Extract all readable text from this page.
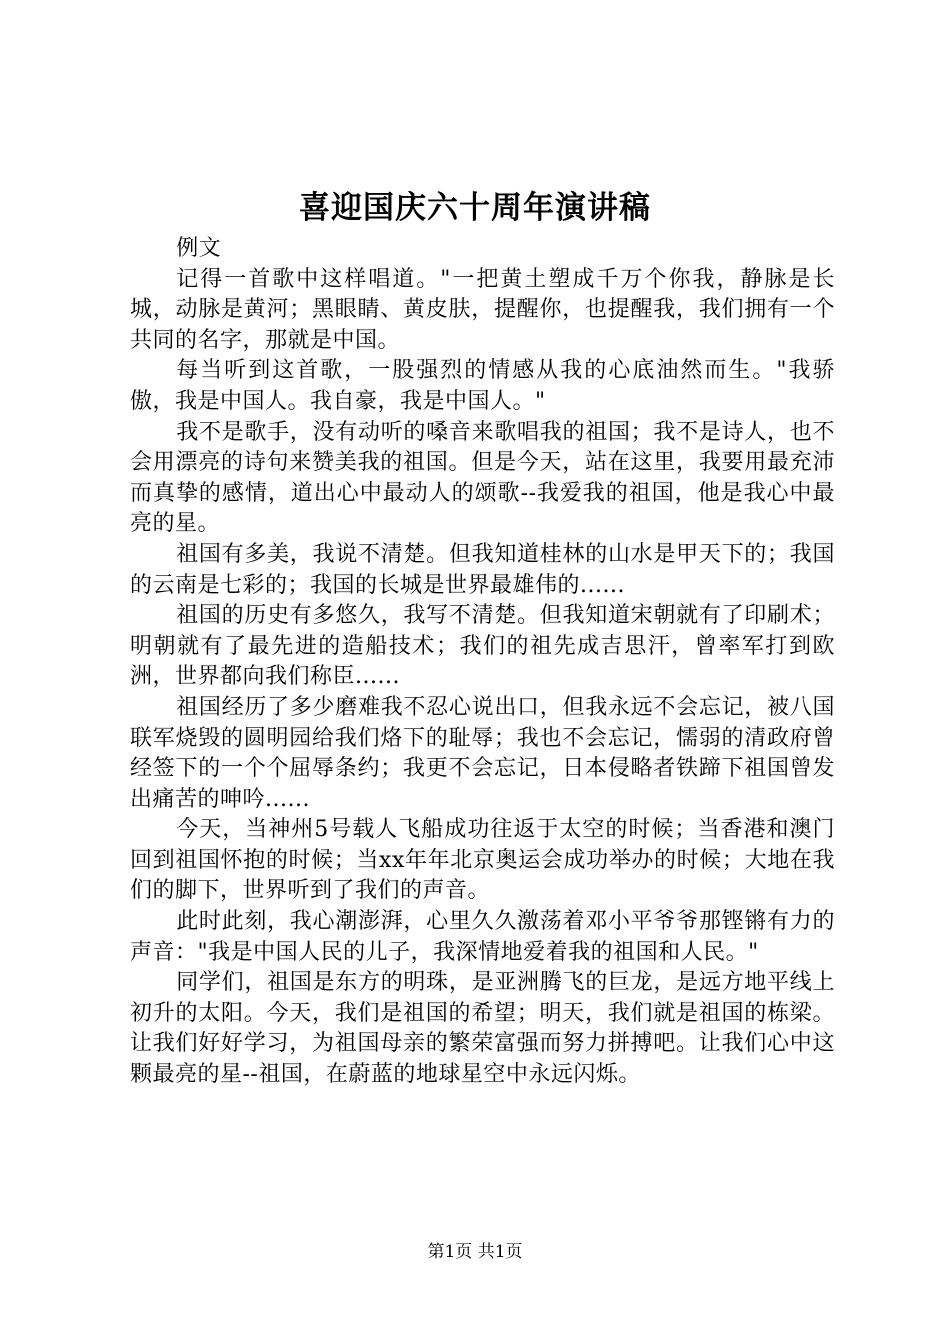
喜迎国庆六十周年演讲稿

例文

记得一首歌中这样唱道。"一把黄土塑成千万个你我，静脉是长城，动脉是黄河；黑眼睛、黄皮肤，提醒你，也提醒我，我们拥有一个共同的名字，那就是中国。

每当听到这首歌，一股强烈的情感从我的心底油然而生。"我骄傲，我是中国人。我自豪，我是中国人。"

我不是歌手，没有动听的嗓音来歌唱我的祖国；我不是诗人，也不会用漂亮的诗句来赞美我的祖国。但是今天，站在这里，我要用最充沛而真挚的感情，道出心中最动人的颂歌--我爱我的祖国，他是我心中最亮的星。

祖国有多美，我说不清楚。但我知道桂林的山水是甲天下的；我国的云南是七彩的；我国的长城是世界最雄伟的......

祖国的历史有多悠久，我写不清楚。但我知道宋朝就有了印刷术；明朝就有了最先进的造船技术；我们的祖先成吉思汗，曾率军打到欧洲，世界都向我们称臣......

祖国经历了多少磨难我不忍心说出口，但我永远不会忘记，被八国联军烧毁的圆明园给我们烙下的耻辱；我也不会忘记，懦弱的清政府曾经签下的一个个屈辱条约；我更不会忘记，日本侵略者铁蹄下祖国曾发出痛苦的呻吟......

今天，当神州5号载人飞船成功往返于太空的时候；当香港和澳门回到祖国怀抱的时候；当xx年年北京奥运会成功举办的时候；大地在我们的脚下，世界听到了我们的声音。

此时此刻，我心潮澎湃，心里久久激荡着邓小平爷爷那铿锵有力的声音："我是中国人民的儿子，我深情地爱着我的祖国和人民。"

同学们，祖国是东方的明珠，是亚洲腾飞的巨龙，是远方地平线上初升的太阳。今天，我们是祖国的希望；明天，我们就是祖国的栋梁。让我们好好学习，为祖国母亲的繁荣富强而努力拼搏吧。让我们心中这颗最亮的星--祖国，在蔚蓝的地球星空中永远闪烁。

第1页 共1页
